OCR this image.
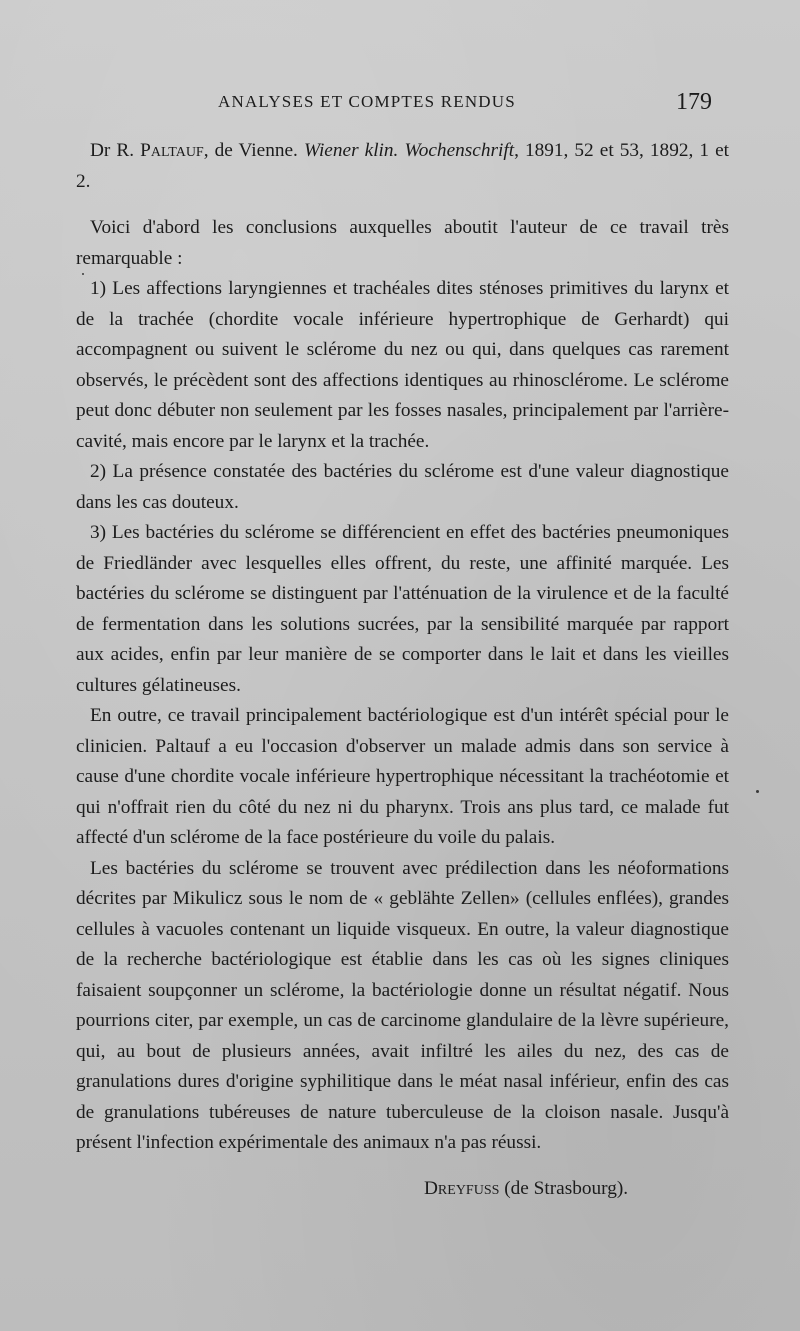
ANALYSES ET COMPTES RENDUS	179

Dr R. Paltauf, de Vienne. Wiener klin. Wochenschrift, 1891, 52 et 53, 1892, 1 et 2.

Voici d'abord les conclusions auxquelles aboutit l'auteur de ce travail très remarquable :

1) Les affections laryngiennes et trachéales dites sténoses primitives du larynx et de la trachée (chordite vocale inférieure hypertrophique de Gerhardt) qui accompagnent ou suivent le sclérome du nez ou qui, dans quelques cas rarement observés, le précèdent sont des affections identiques au rhinosclérome. Le sclérome peut donc débuter non seulement par les fosses nasales, principalement par l'arrière-cavité, mais encore par le larynx et la trachée.

2) La présence constatée des bactéries du sclérome est d'une valeur diagnostique dans les cas douteux.

3) Les bactéries du sclérome se différencient en effet des bactéries pneumoniques de Friedländer avec lesquelles elles offrent, du reste, une affinité marquée. Les bactéries du sclérome se distinguent par l'atténuation de la virulence et de la faculté de fermentation dans les solutions sucrées, par la sensibilité marquée par rapport aux acides, enfin par leur manière de se comporter dans le lait et dans les vieilles cultures gélatineuses.

En outre, ce travail principalement bactériologique est d'un intérêt spécial pour le clinicien. Paltauf a eu l'occasion d'observer un malade admis dans son service à cause d'une chordite vocale inférieure hypertrophique nécessitant la trachéotomie et qui n'offrait rien du côté du nez ni du pharynx. Trois ans plus tard, ce malade fut affecté d'un sclérome de la face postérieure du voile du palais.

Les bactéries du sclérome se trouvent avec prédilection dans les néoformations décrites par Mikulicz sous le nom de « geblähte Zellen» (cellules enflées), grandes cellules à vacuoles contenant un liquide visqueux. En outre, la valeur diagnostique de la recherche bactériologique est établie dans les cas où les signes cliniques faisaient soupçonner un sclérome, la bactériologie donne un résultat négatif. Nous pourrions citer, par exemple, un cas de carcinome glandulaire de la lèvre supérieure, qui, au bout de plusieurs années, avait infiltré les ailes du nez, des cas de granulations dures d'origine syphilitique dans le méat nasal inférieur, enfin des cas de granulations tubéreuses de nature tuberculeuse de la cloison nasale. Jusqu'à présent l'infection expérimentale des animaux n'a pas réussi.

Dreyfuss (de Strasbourg).
